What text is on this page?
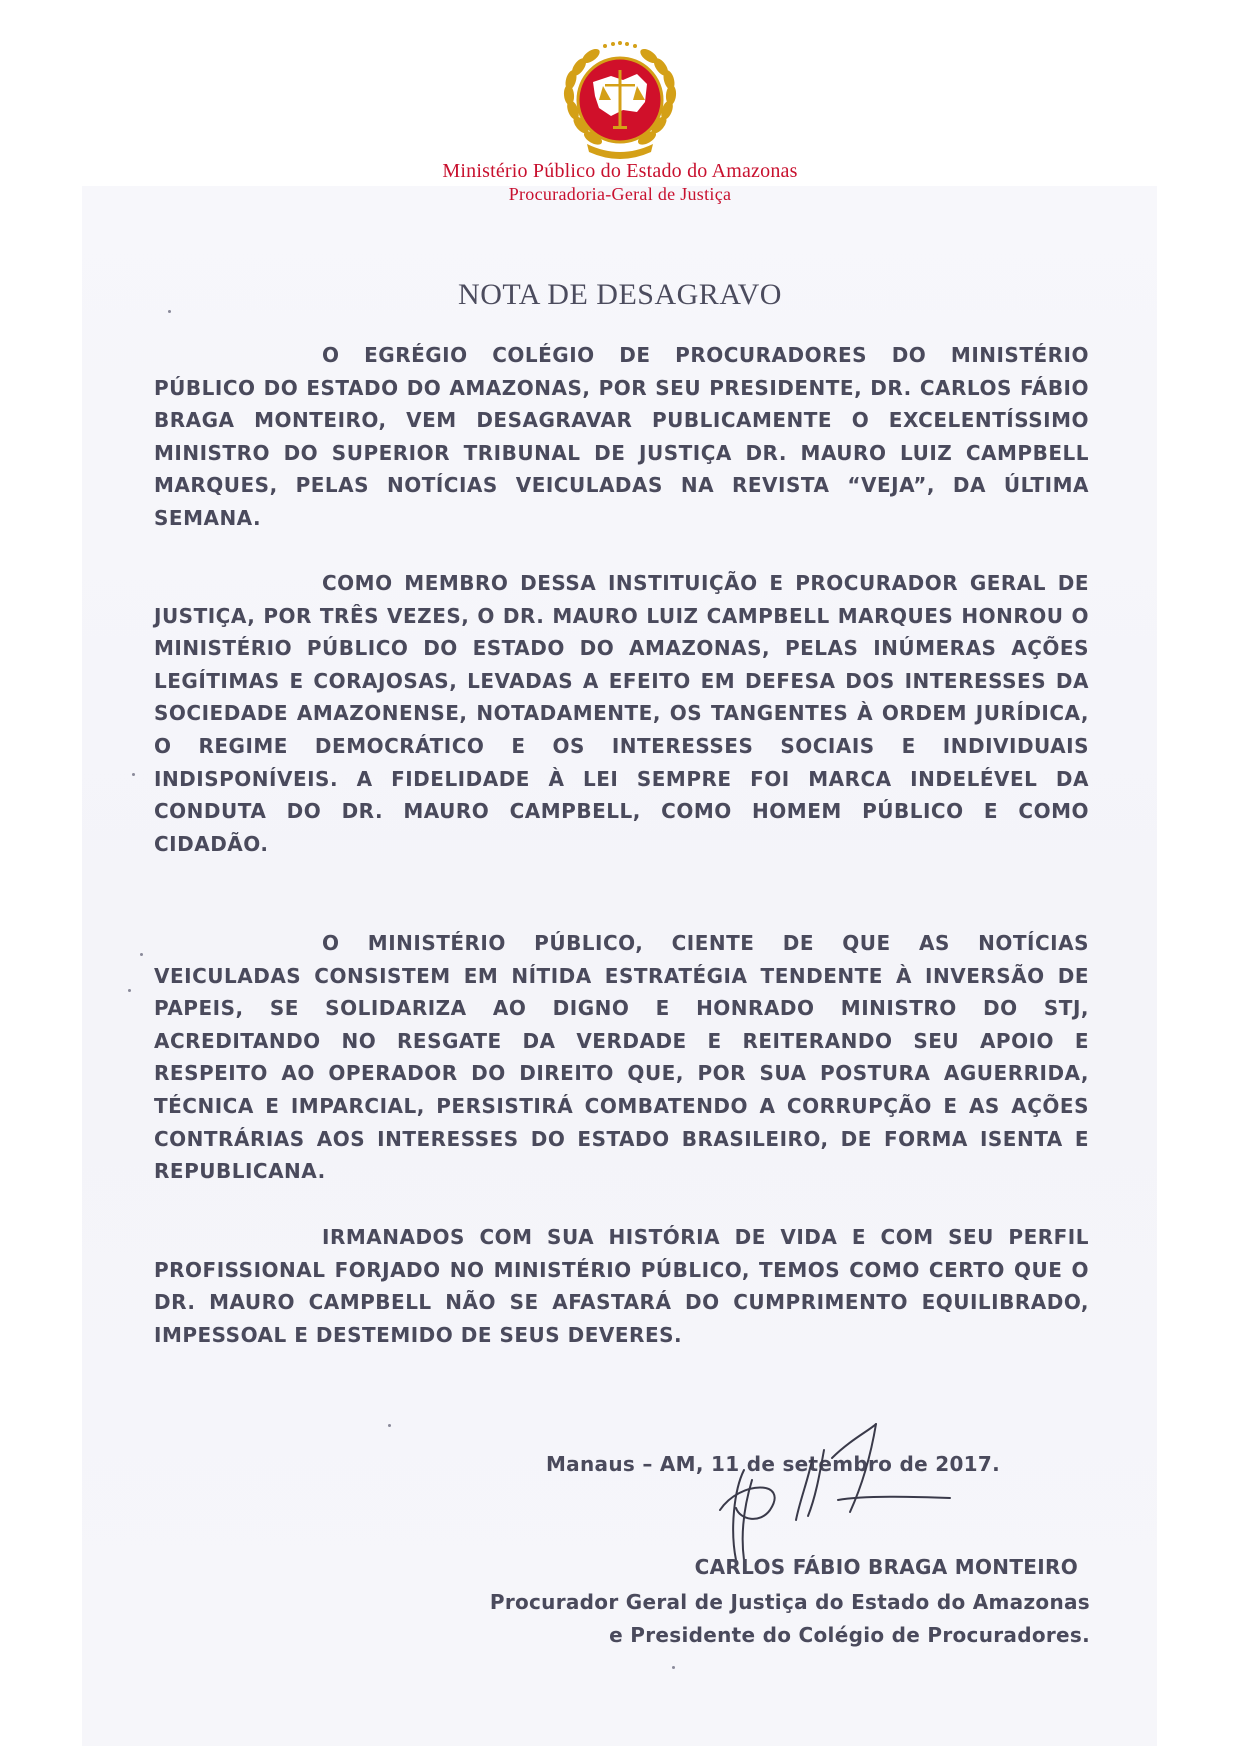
Ministério Público do Estado do Amazonas
Procuradoria-Geral de Justiça
NOTA DE DESAGRAVO

O EGRÉGIO COLÉGIO DE PROCURADORES DO MINISTÉRIO PÚBLICO DO ESTADO DO AMAZONAS, POR SEU PRESIDENTE, DR. CARLOS FÁBIO BRAGA MONTEIRO, VEM DESAGRAVAR PUBLICAMENTE O EXCELENTÍSSIMO MINISTRO DO SUPERIOR TRIBUNAL DE JUSTIÇA DR. MAURO LUIZ CAMPBELL MARQUES, PELAS NOTÍCIAS VEICULADAS NA REVISTA “VEJA”, DA ÚLTIMA SEMANA.

COMO MEMBRO DESSA INSTITUIÇÃO E PROCURADOR GERAL DE JUSTIÇA, POR TRÊS VEZES, O DR. MAURO LUIZ CAMPBELL MARQUES HONROU O MINISTÉRIO PÚBLICO DO ESTADO DO AMAZONAS, PELAS INÚMERAS AÇÕES LEGÍTIMAS E CORAJOSAS, LEVADAS A EFEITO EM DEFESA DOS INTERESSES DA SOCIEDADE AMAZONENSE, NOTADAMENTE, OS TANGENTES À ORDEM JURÍDICA, O REGIME DEMOCRÁTICO E OS INTERESSES SOCIAIS E INDIVIDUAIS INDISPONÍVEIS. A FIDELIDADE À LEI SEMPRE FOI MARCA INDELÉVEL DA CONDUTA DO DR. MAURO CAMPBELL, COMO HOMEM PÚBLICO E COMO CIDADÃO.

O MINISTÉRIO PÚBLICO, CIENTE DE QUE AS NOTÍCIAS VEICULADAS CONSISTEM EM NÍTIDA ESTRATÉGIA TENDENTE À INVERSÃO DE PAPEIS, SE SOLIDARIZA AO DIGNO E HONRADO MINISTRO DO STJ, ACREDITANDO NO RESGATE DA VERDADE E REITERANDO SEU APOIO E RESPEITO AO OPERADOR DO DIREITO QUE, POR SUA POSTURA AGUERRIDA, TÉCNICA E IMPARCIAL, PERSISTIRÁ COMBATENDO A CORRUPÇÃO E AS AÇÕES CONTRÁRIAS AOS INTERESSES DO ESTADO BRASILEIRO, DE FORMA ISENTA E REPUBLICANA.

IRMANADOS COM SUA HISTÓRIA DE VIDA E COM SEU PERFIL PROFISSIONAL FORJADO NO MINISTÉRIO PÚBLICO, TEMOS COMO CERTO QUE O DR. MAURO CAMPBELL NÃO SE AFASTARÁ DO CUMPRIMENTO EQUILIBRADO, IMPESSOAL E DESTEMIDO DE SEUS DEVERES.

Manaus – AM, 11 de setembro de 2017.
CARLOS FÁBIO BRAGA MONTEIRO
Procurador Geral de Justiça do Estado do Amazonas
e Presidente do Colégio de Procuradores.
